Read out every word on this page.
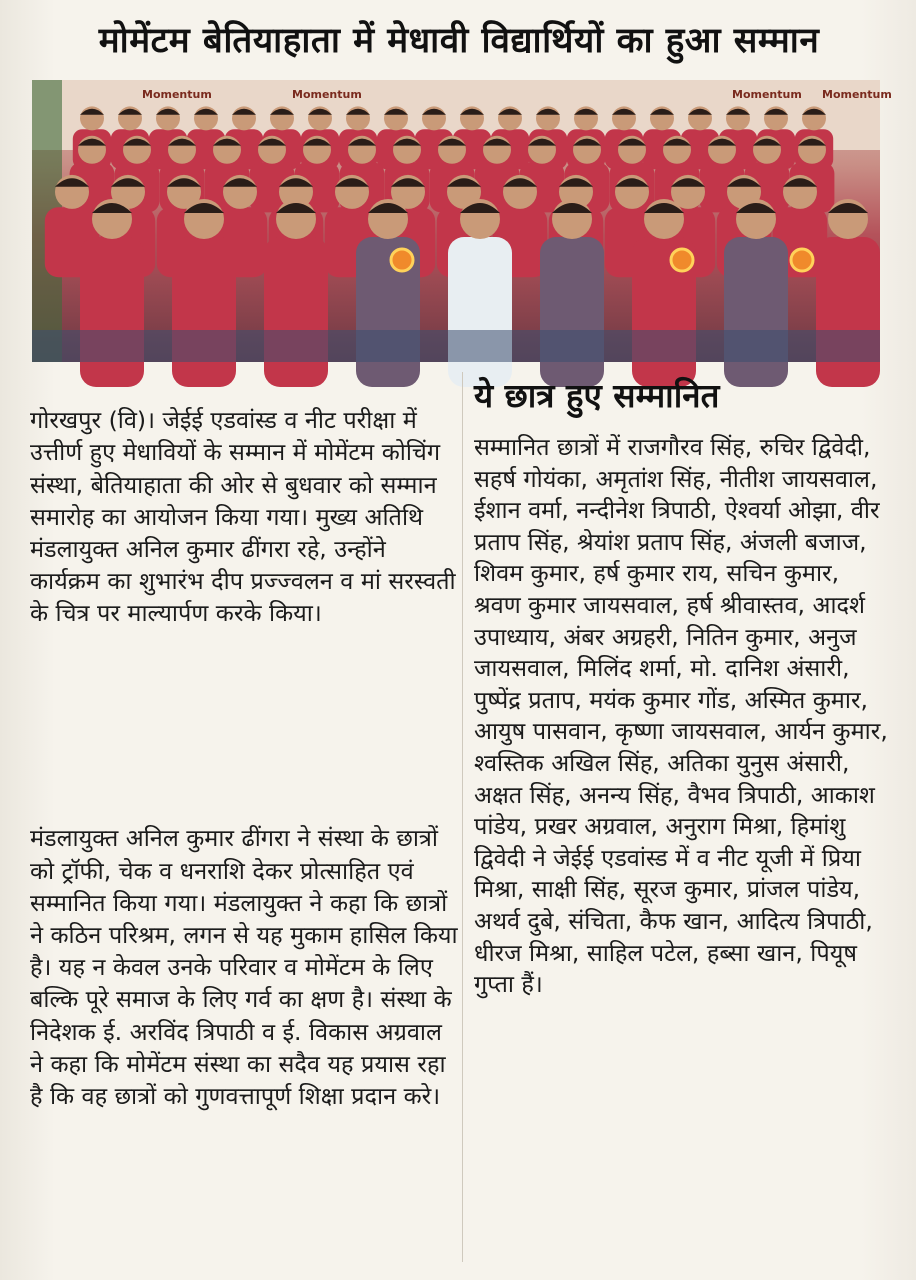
मोमेंटम बेतियाहाता में मेधावी विद्यार्थियों का हुआ सम्मान
Momentum	Momentum	Momentum Momentum

गोरखपुर (वि)। जेईई एडवांस्ड व नीट परीक्षा में उत्तीर्ण हुए मेधावियों के सम्मान में मोमेंटम कोचिंग संस्था, बेतियाहाता की ओर से बुधवार को सम्मान समारोह का आयोजन किया गया। मुख्य अतिथि मंडलायुक्त अनिल कुमार ढींगरा रहे, उन्होंने कार्यक्रम का शुभारंभ दीप प्रज्ज्वलन व मां सरस्वती के चित्र पर माल्यार्पण करके किया।

मंडलायुक्त अनिल कुमार ढींगरा ने संस्था के छात्रों को ट्रॉफी, चेक व धनराशि देकर प्रोत्साहित एवं सम्मानित किया गया। मंडलायुक्त ने कहा कि छात्रों ने कठिन परिश्रम, लगन से यह मुकाम हासिल किया है। यह न केवल उनके परिवार व मोमेंटम के लिए बल्कि पूरे समाज के लिए गर्व का क्षण है। संस्था के निदेशक ई. अरविंद त्रिपाठी व ई. विकास अग्रवाल ने कहा कि मोमेंटम संस्था का सदैव यह प्रयास रहा है कि वह छात्रों को गुणवत्तापूर्ण शिक्षा प्रदान करे।

ये छात्र हुए सम्मानित
सम्मानित छात्रों में राजगौरव सिंह, रुचिर द्विवेदी, सहर्ष गोयंका, अमृतांश सिंह, नीतीश जायसवाल, ईशान वर्मा, नन्दीनेश त्रिपाठी, ऐश्वर्या ओझा, वीर प्रताप सिंह, श्रेयांश प्रताप सिंह, अंजली बजाज, शिवम कुमार, हर्ष कुमार राय, सचिन कुमार, श्रवण कुमार जायसवाल, हर्ष श्रीवास्तव, आदर्श उपाध्याय, अंबर अग्रहरी, नितिन कुमार, अनुज जायसवाल, मिलिंद शर्मा, मो. दानिश अंसारी, पुष्पेंद्र प्रताप, मयंक कुमार गोंड, अस्मित कुमार, आयुष पासवान, कृष्णा जायसवाल, आर्यन कुमार, श्वस्तिक अखिल सिंह, अतिका युनुस अंसारी, अक्षत सिंह, अनन्य सिंह, वैभव त्रिपाठी, आकाश पांडेय, प्रखर अग्रवाल, अनुराग मिश्रा, हिमांशु द्विवेदी ने जेईई एडवांस्ड में व नीट यूजी में प्रिया मिश्रा, साक्षी सिंह, सूरज कुमार, प्रांजल पांडेय, अथर्व दुबे, संचिता, कैफ खान, आदित्य त्रिपाठी, धीरज मिश्रा, साहिल पटेल, हब्सा खान, पियूष गुप्ता हैं।
